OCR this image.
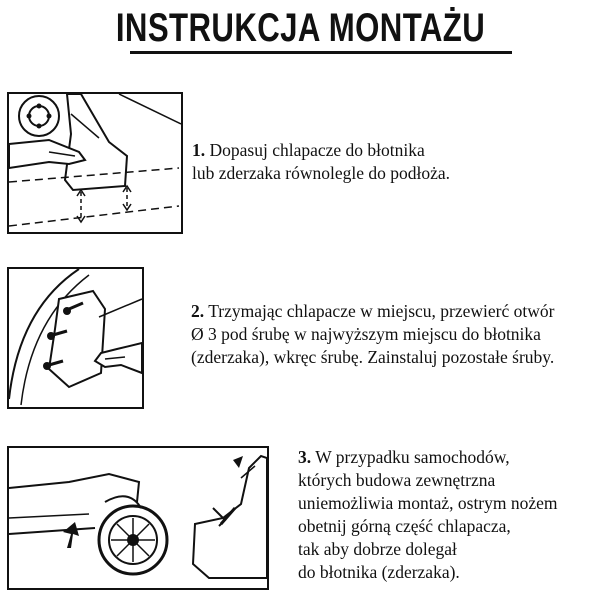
INSTRUKCJA MONTAŻU
1. Dopasuj chlapacze do błotnika
lub zderzaka równolegle do podłoża.
2. Trzymając chlapacze w miejscu, przewierć otwór
Ø 3 pod śrubę w najwyższym miejscu do błotnika
(zderzaka), wkręc śrubę. Zainstaluj pozostałe śruby.
3. W przypadku samochodów,
których budowa zewnętrzna
uniemożliwia montaż, ostrym nożem
obetnij górną część chlapacza,
tak aby dobrze dolegał
do błotnika (zderzaka).
